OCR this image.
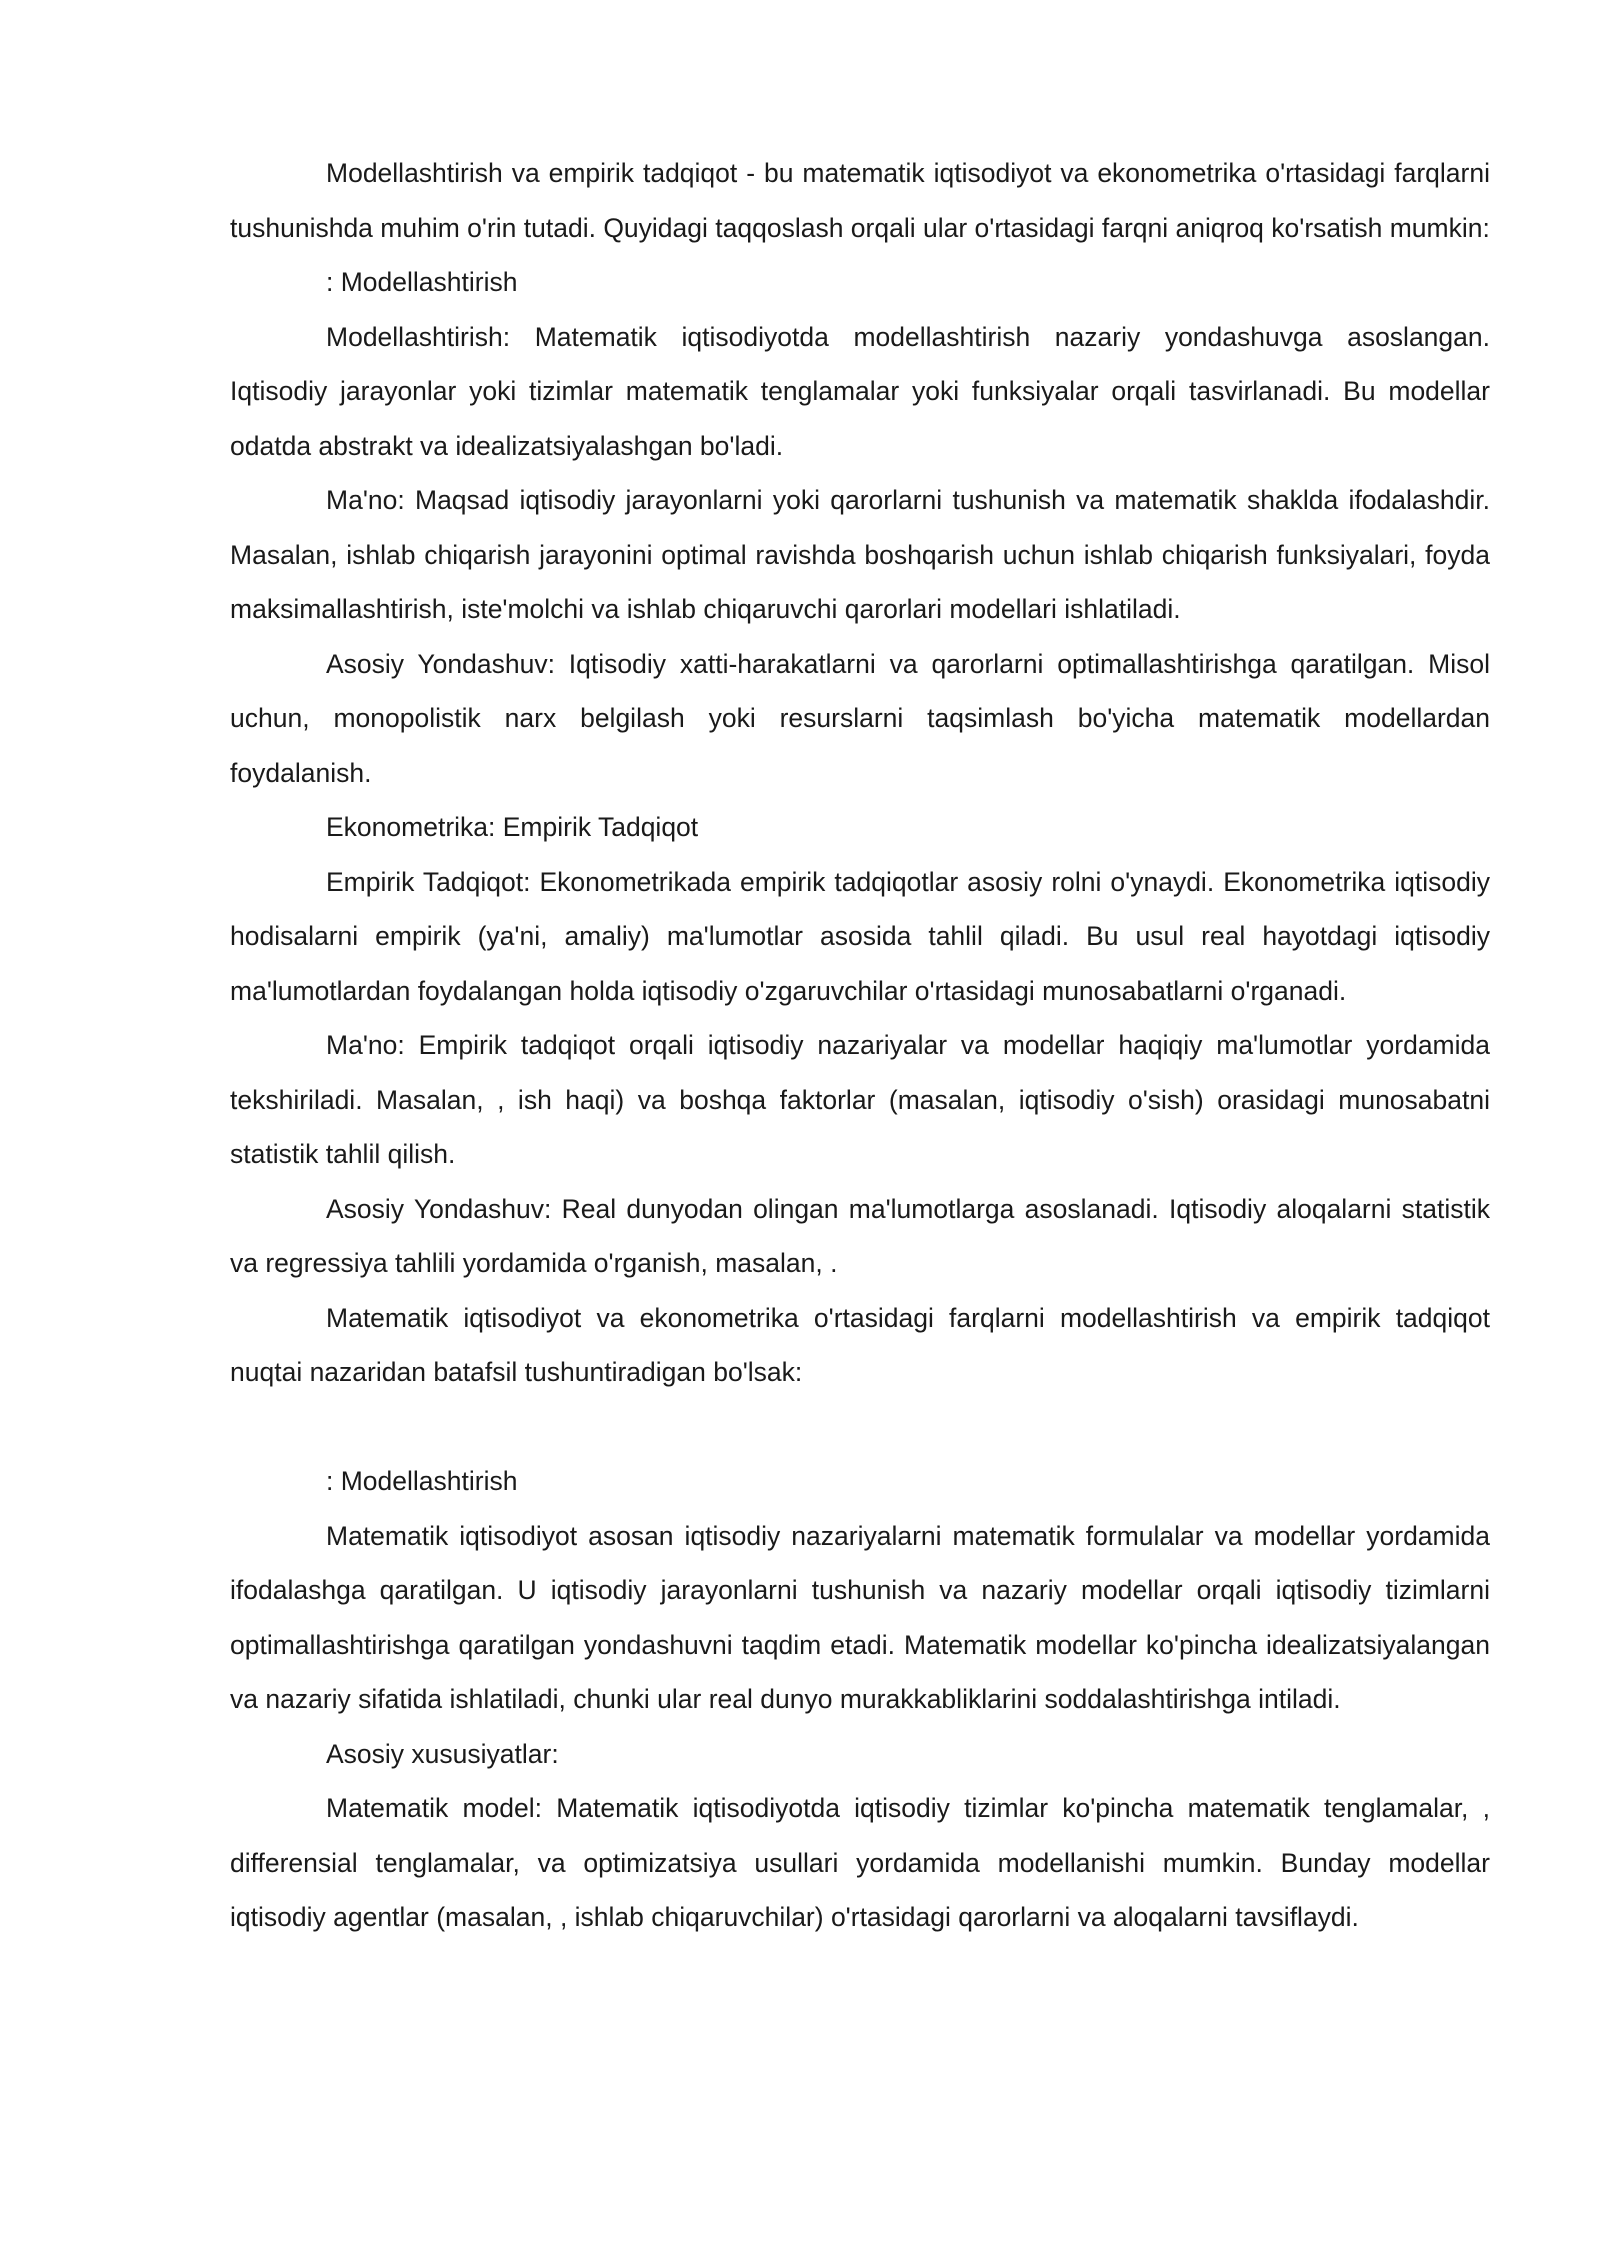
Modellashtirish va empirik tadqiqot - bu matematik iqtisodiyot va ekonometrika o'rtasidagi farqlarni tushunishda muhim o'rin tutadi. Quyidagi taqqoslash orqali ular o'rtasidagi farqni aniqroq ko'rsatish mumkin:

: Modellashtirish

Modellashtirish: Matematik iqtisodiyotda modellashtirish nazariy yondashuvga asoslangan. Iqtisodiy jarayonlar yoki tizimlar matematik tenglamalar yoki funksiyalar orqali tasvirlanadi. Bu modellar odatda abstrakt va idealizatsiyalashgan bo'ladi.

Ma'no: Maqsad iqtisodiy jarayonlarni yoki qarorlarni tushunish va matematik shaklda ifodalashdir. Masalan, ishlab chiqarish jarayonini optimal ravishda boshqarish uchun ishlab chiqarish funksiyalari, foyda maksimallashtirish, iste'molchi va ishlab chiqaruvchi qarorlari modellari ishlatiladi.

Asosiy Yondashuv: Iqtisodiy xatti-harakatlarni va qarorlarni optimallashtirishga qaratilgan. Misol uchun, monopolistik narx belgilash yoki resurslarni taqsimlash bo'yicha matematik modellardan foydalanish.

Ekonometrika: Empirik Tadqiqot

Empirik Tadqiqot: Ekonometrikada empirik tadqiqotlar asosiy rolni o'ynaydi. Ekonometrika iqtisodiy hodisalarni empirik (ya'ni, amaliy) ma'lumotlar asosida tahlil qiladi. Bu usul real hayotdagi iqtisodiy ma'lumotlardan foydalangan holda iqtisodiy o'zgaruvchilar o'rtasidagi munosabatlarni o'rganadi.

Ma'no: Empirik tadqiqot orqali iqtisodiy nazariyalar va modellar haqiqiy ma'lumotlar yordamida tekshiriladi. Masalan, , ish haqi) va boshqa faktorlar (masalan, iqtisodiy o'sish) orasidagi munosabatni statistik tahlil qilish.

Asosiy Yondashuv: Real dunyodan olingan ma'lumotlarga asoslanadi. Iqtisodiy aloqalarni statistik va regressiya tahlili yordamida o'rganish, masalan, .

Matematik iqtisodiyot va ekonometrika o'rtasidagi farqlarni modellashtirish va empirik tadqiqot nuqtai nazaridan batafsil tushuntiradigan bo'lsak:

: Modellashtirish

Matematik iqtisodiyot asosan iqtisodiy nazariyalarni matematik formulalar va modellar yordamida ifodalashga qaratilgan. U iqtisodiy jarayonlarni tushunish va nazariy modellar orqali iqtisodiy tizimlarni optimallashtirishga qaratilgan yondashuvni taqdim etadi. Matematik modellar ko'pincha idealizatsiyalangan va nazariy sifatida ishlatiladi, chunki ular real dunyo murakkabliklarini soddalashtirishga intiladi.

Asosiy xususiyatlar:

Matematik model: Matematik iqtisodiyotda iqtisodiy tizimlar ko'pincha matematik tenglamalar, , differensial tenglamalar, va optimizatsiya usullari yordamida modellanishi mumkin. Bunday modellar iqtisodiy agentlar (masalan, , ishlab chiqaruvchilar) o'rtasidagi qarorlarni va aloqalarni tavsiflaydi.
